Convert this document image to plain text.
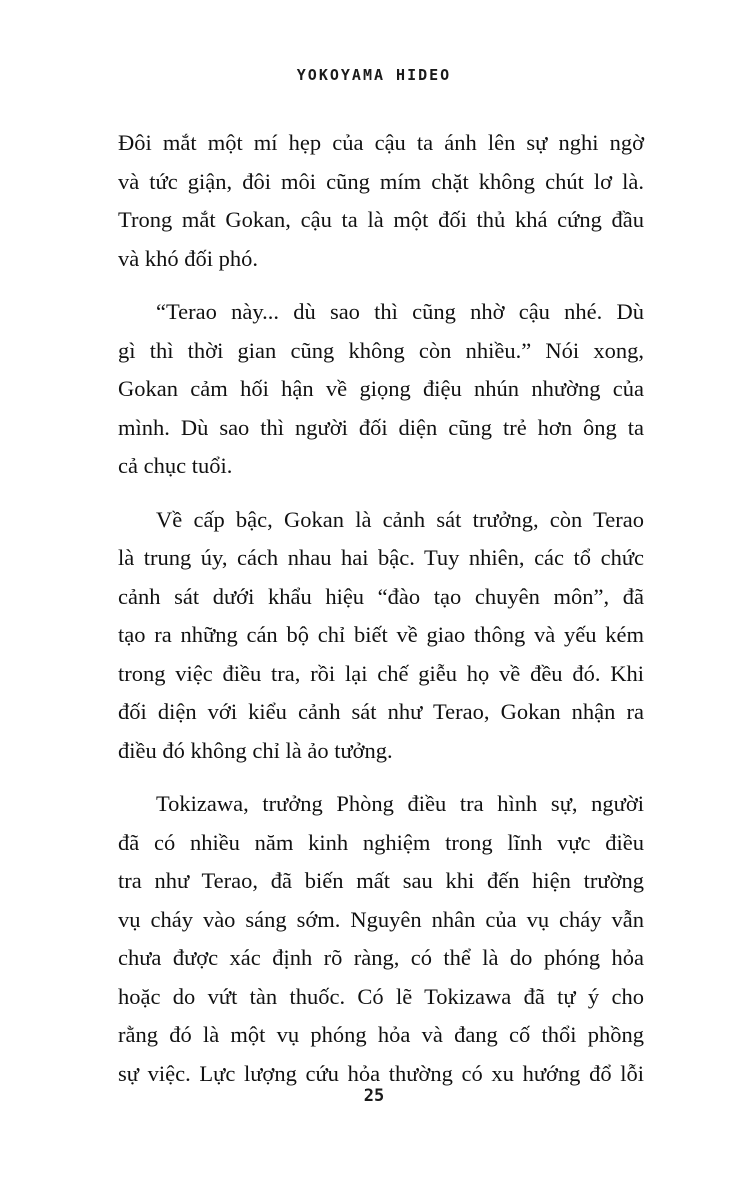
YOKOYAMA HIDEO

Đôi mắt một mí hẹp của cậu ta ánh lên sự nghi ngờ
và tức giận, đôi môi cũng mím chặt không chút lơ là.
Trong mắt Gokan, cậu ta là một đối thủ khá cứng đầu
và khó đối phó.

“Terao này... dù sao thì cũng nhờ cậu nhé. Dù
gì thì thời gian cũng không còn nhiều.” Nói xong,
Gokan cảm hối hận về giọng điệu nhún nhường của
mình. Dù sao thì người đối diện cũng trẻ hơn ông ta
cả chục tuổi.

Về cấp bậc, Gokan là cảnh sát trưởng, còn Terao
là trung úy, cách nhau hai bậc. Tuy nhiên, các tổ chức
cảnh sát dưới khẩu hiệu “đào tạo chuyên môn”, đã
tạo ra những cán bộ chỉ biết về giao thông và yếu kém
trong việc điều tra, rồi lại chế giễu họ về đều đó. Khi
đối diện với kiểu cảnh sát như Terao, Gokan nhận ra
điều đó không chỉ là ảo tưởng.

Tokizawa, trưởng Phòng điều tra hình sự, người
đã có nhiều năm kinh nghiệm trong lĩnh vực điều
tra như Terao, đã biến mất sau khi đến hiện trường
vụ cháy vào sáng sớm. Nguyên nhân của vụ cháy vẫn
chưa được xác định rõ ràng, có thể là do phóng hỏa
hoặc do vứt tàn thuốc. Có lẽ Tokizawa đã tự ý cho
rằng đó là một vụ phóng hỏa và đang cố thổi phồng
sự việc. Lực lượng cứu hỏa thường có xu hướng đổ lỗi

25
